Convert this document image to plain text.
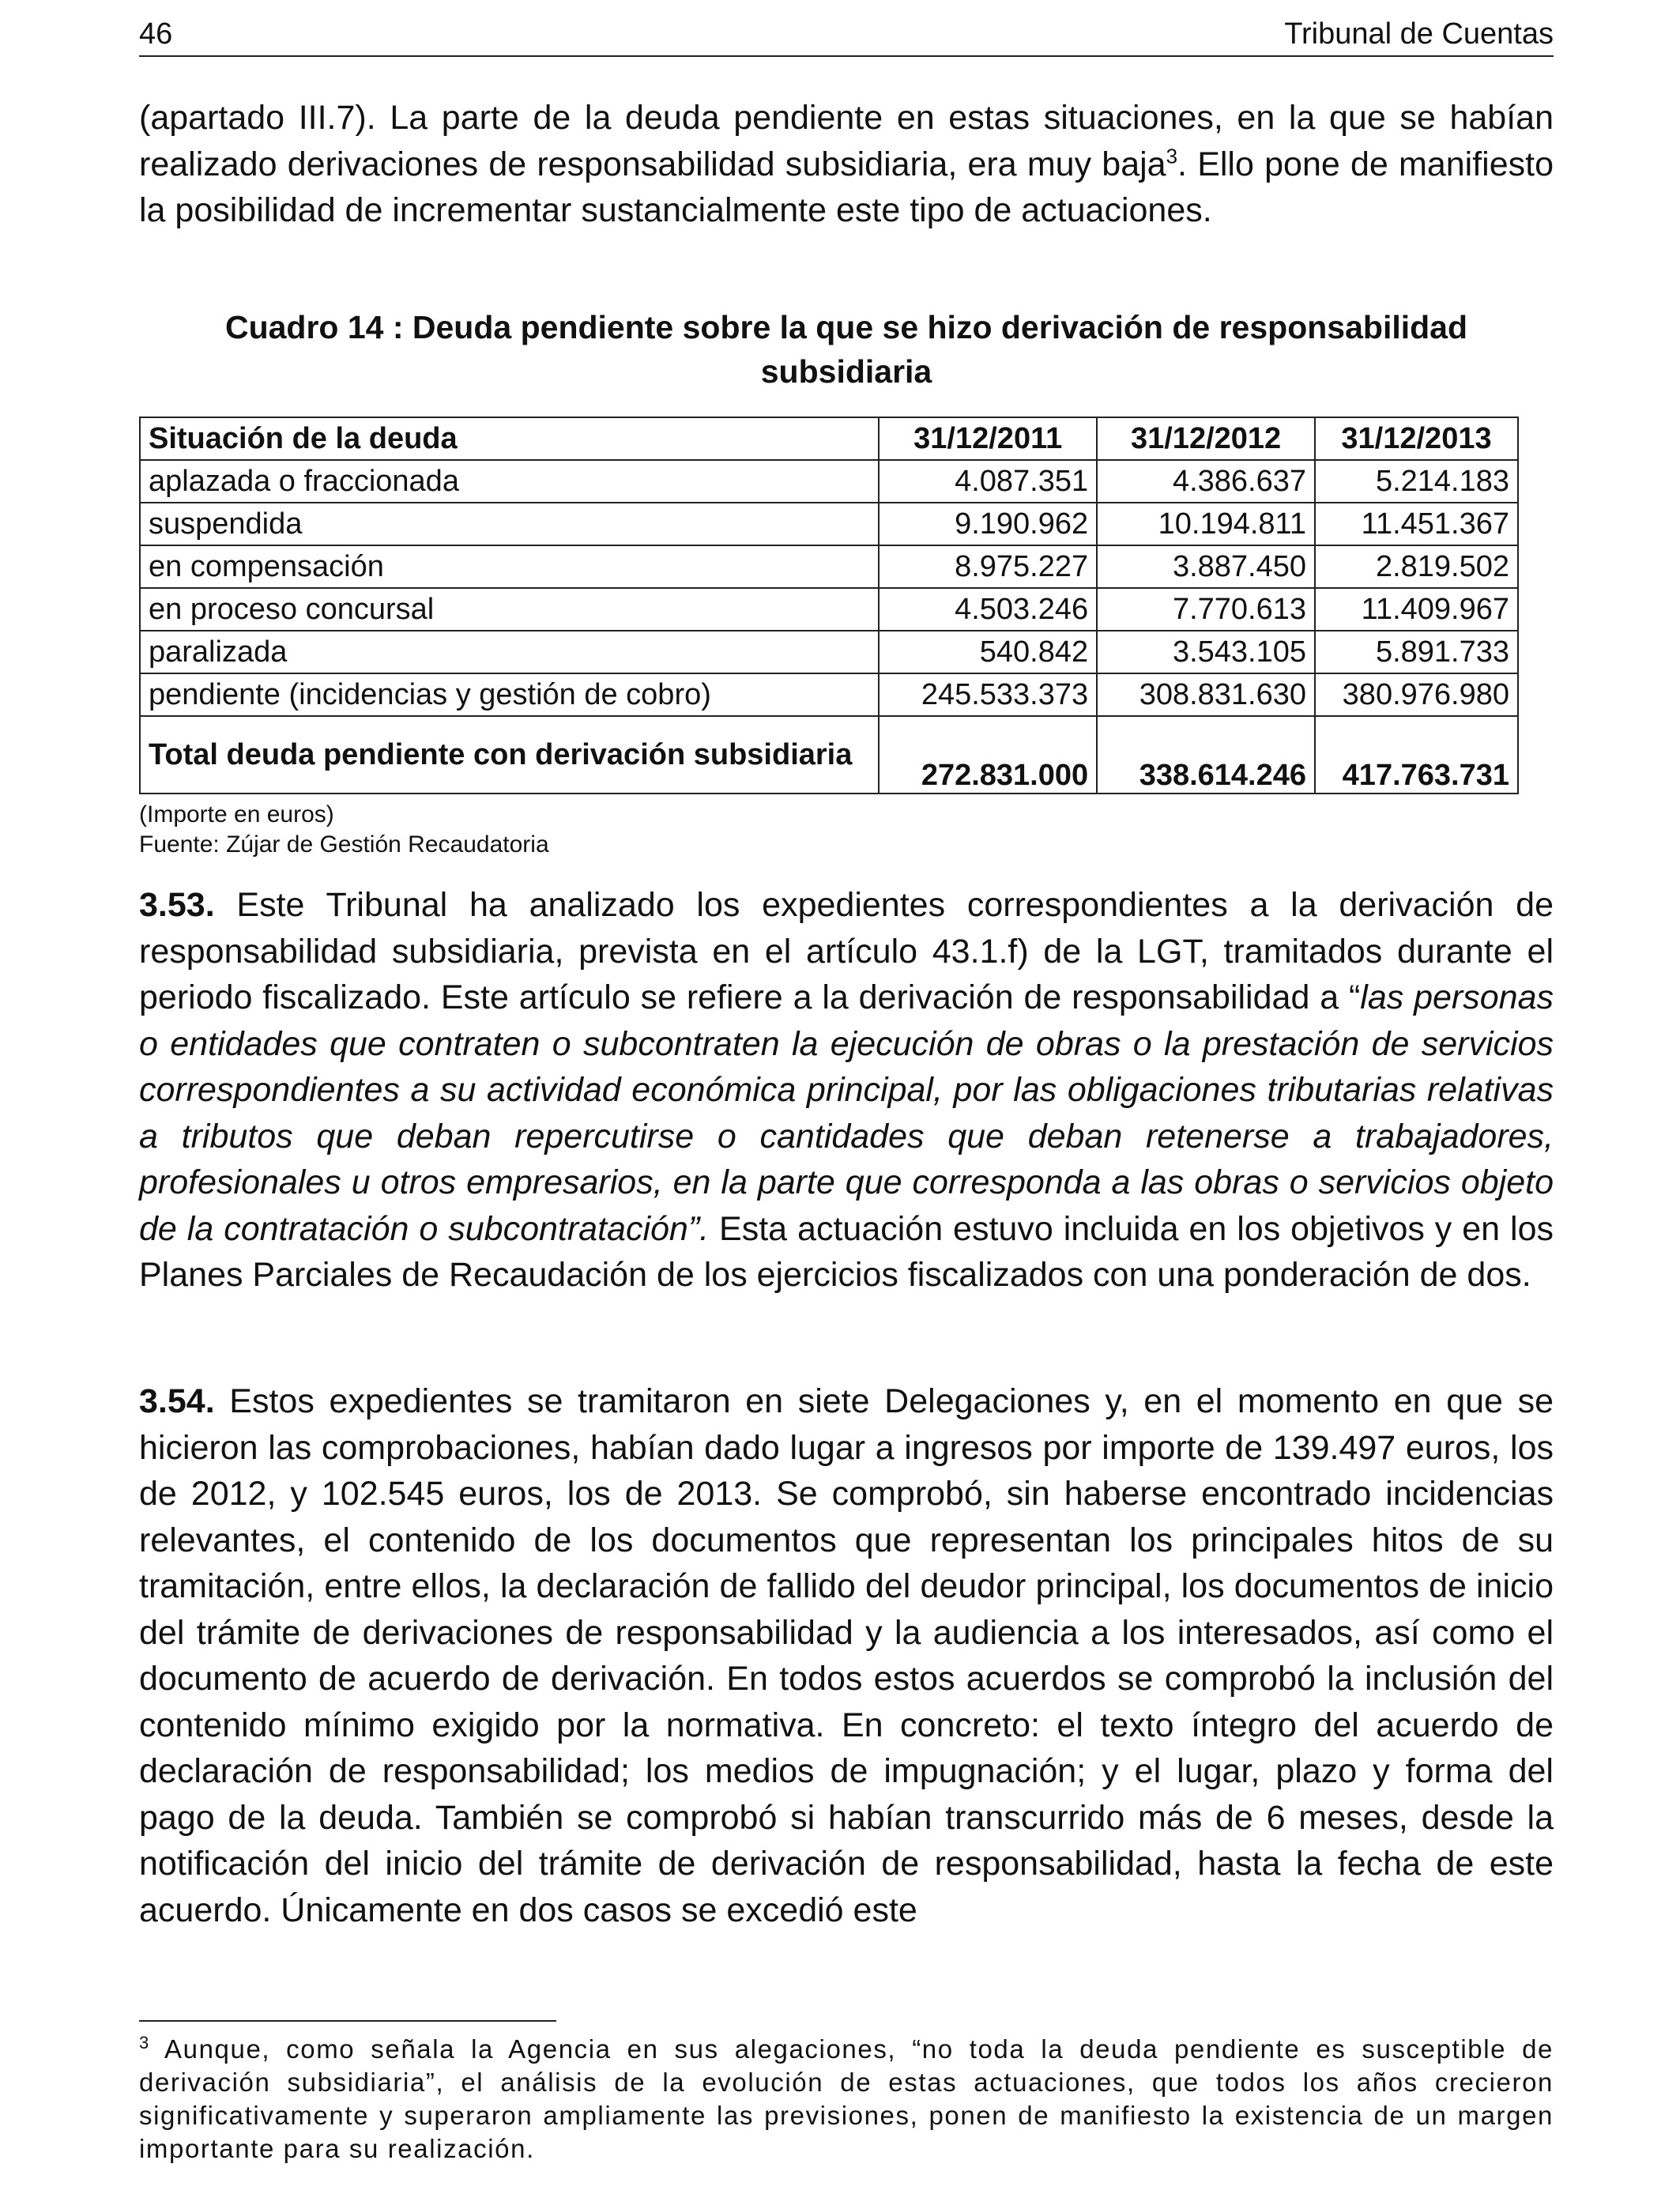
46	Tribunal de Cuentas

(apartado III.7). La parte de la deuda pendiente en estas situaciones, en la que se habían realizado derivaciones de responsabilidad subsidiaria, era muy baja$^3$. Ello pone de manifiesto la posibilidad de incrementar sustancialmente este tipo de actuaciones.

Cuadro 14 : Deuda pendiente sobre la que se hizo derivación de responsabilidad subsidiaria

Situación de la deuda	31/12/2011	31/12/2012	31/12/2013
aplazada o fraccionada	4.087.351	4.386.637	5.214.183
suspendida	9.190.962	10.194.811	11.451.367
en compensación	8.975.227	3.887.450	2.819.502
en proceso concursal	4.503.246	7.770.613	11.409.967
paralizada	540.842	3.543.105	5.891.733
pendiente (incidencias y gestión de cobro)	245.533.373	308.831.630	380.976.980
Total deuda pendiente con derivación subsidiaria	272.831.000	338.614.246	417.763.731
(Importe en euros)
Fuente: Zújar de Gestión Recaudatoria

3.53. Este Tribunal ha analizado los expedientes correspondientes a la derivación de responsabilidad subsidiaria, prevista en el artículo 43.1.f) de la LGT, tramitados durante el periodo fiscalizado. Este artículo se refiere a la derivación de responsabilidad a “las personas o entidades que contraten o subcontraten la ejecución de obras o la prestación de servicios correspondientes a su actividad económica principal, por las obligaciones tributarias relativas a tributos que deban repercutirse o cantidades que deban retenerse a trabajadores, profesionales u otros empresarios, en la parte que corresponda a las obras o servicios objeto de la contratación o subcontratación”. Esta actuación estuvo incluida en los objetivos y en los Planes Parciales de Recaudación de los ejercicios fiscalizados con una ponderación de dos.

3.54. Estos expedientes se tramitaron en siete Delegaciones y, en el momento en que se hicieron las comprobaciones, habían dado lugar a ingresos por importe de 139.497 euros, los de 2012, y 102.545 euros, los de 2013. Se comprobó, sin haberse encontrado incidencias relevantes, el contenido de los documentos que representan los principales hitos de su tramitación, entre ellos, la declaración de fallido del deudor principal, los documentos de inicio del trámite de derivaciones de responsabilidad y la audiencia a los interesados, así como el documento de acuerdo de derivación. En todos estos acuerdos se comprobó la inclusión del contenido mínimo exigido por la normativa. En concreto: el texto íntegro del acuerdo de declaración de responsabilidad; los medios de impugnación; y el lugar, plazo y forma del pago de la deuda. También se comprobó si habían transcurrido más de 6 meses, desde la notificación del inicio del trámite de derivación de responsabilidad, hasta la fecha de este acuerdo. Únicamente en dos casos se excedió este

$^3$ Aunque, como señala la Agencia en sus alegaciones, “no toda la deuda pendiente es susceptible de derivación subsidiaria”, el análisis de la evolución de estas actuaciones, que todos los años crecieron significativamente y superaron ampliamente las previsiones, ponen de manifiesto la existencia de un margen importante para su realización.
